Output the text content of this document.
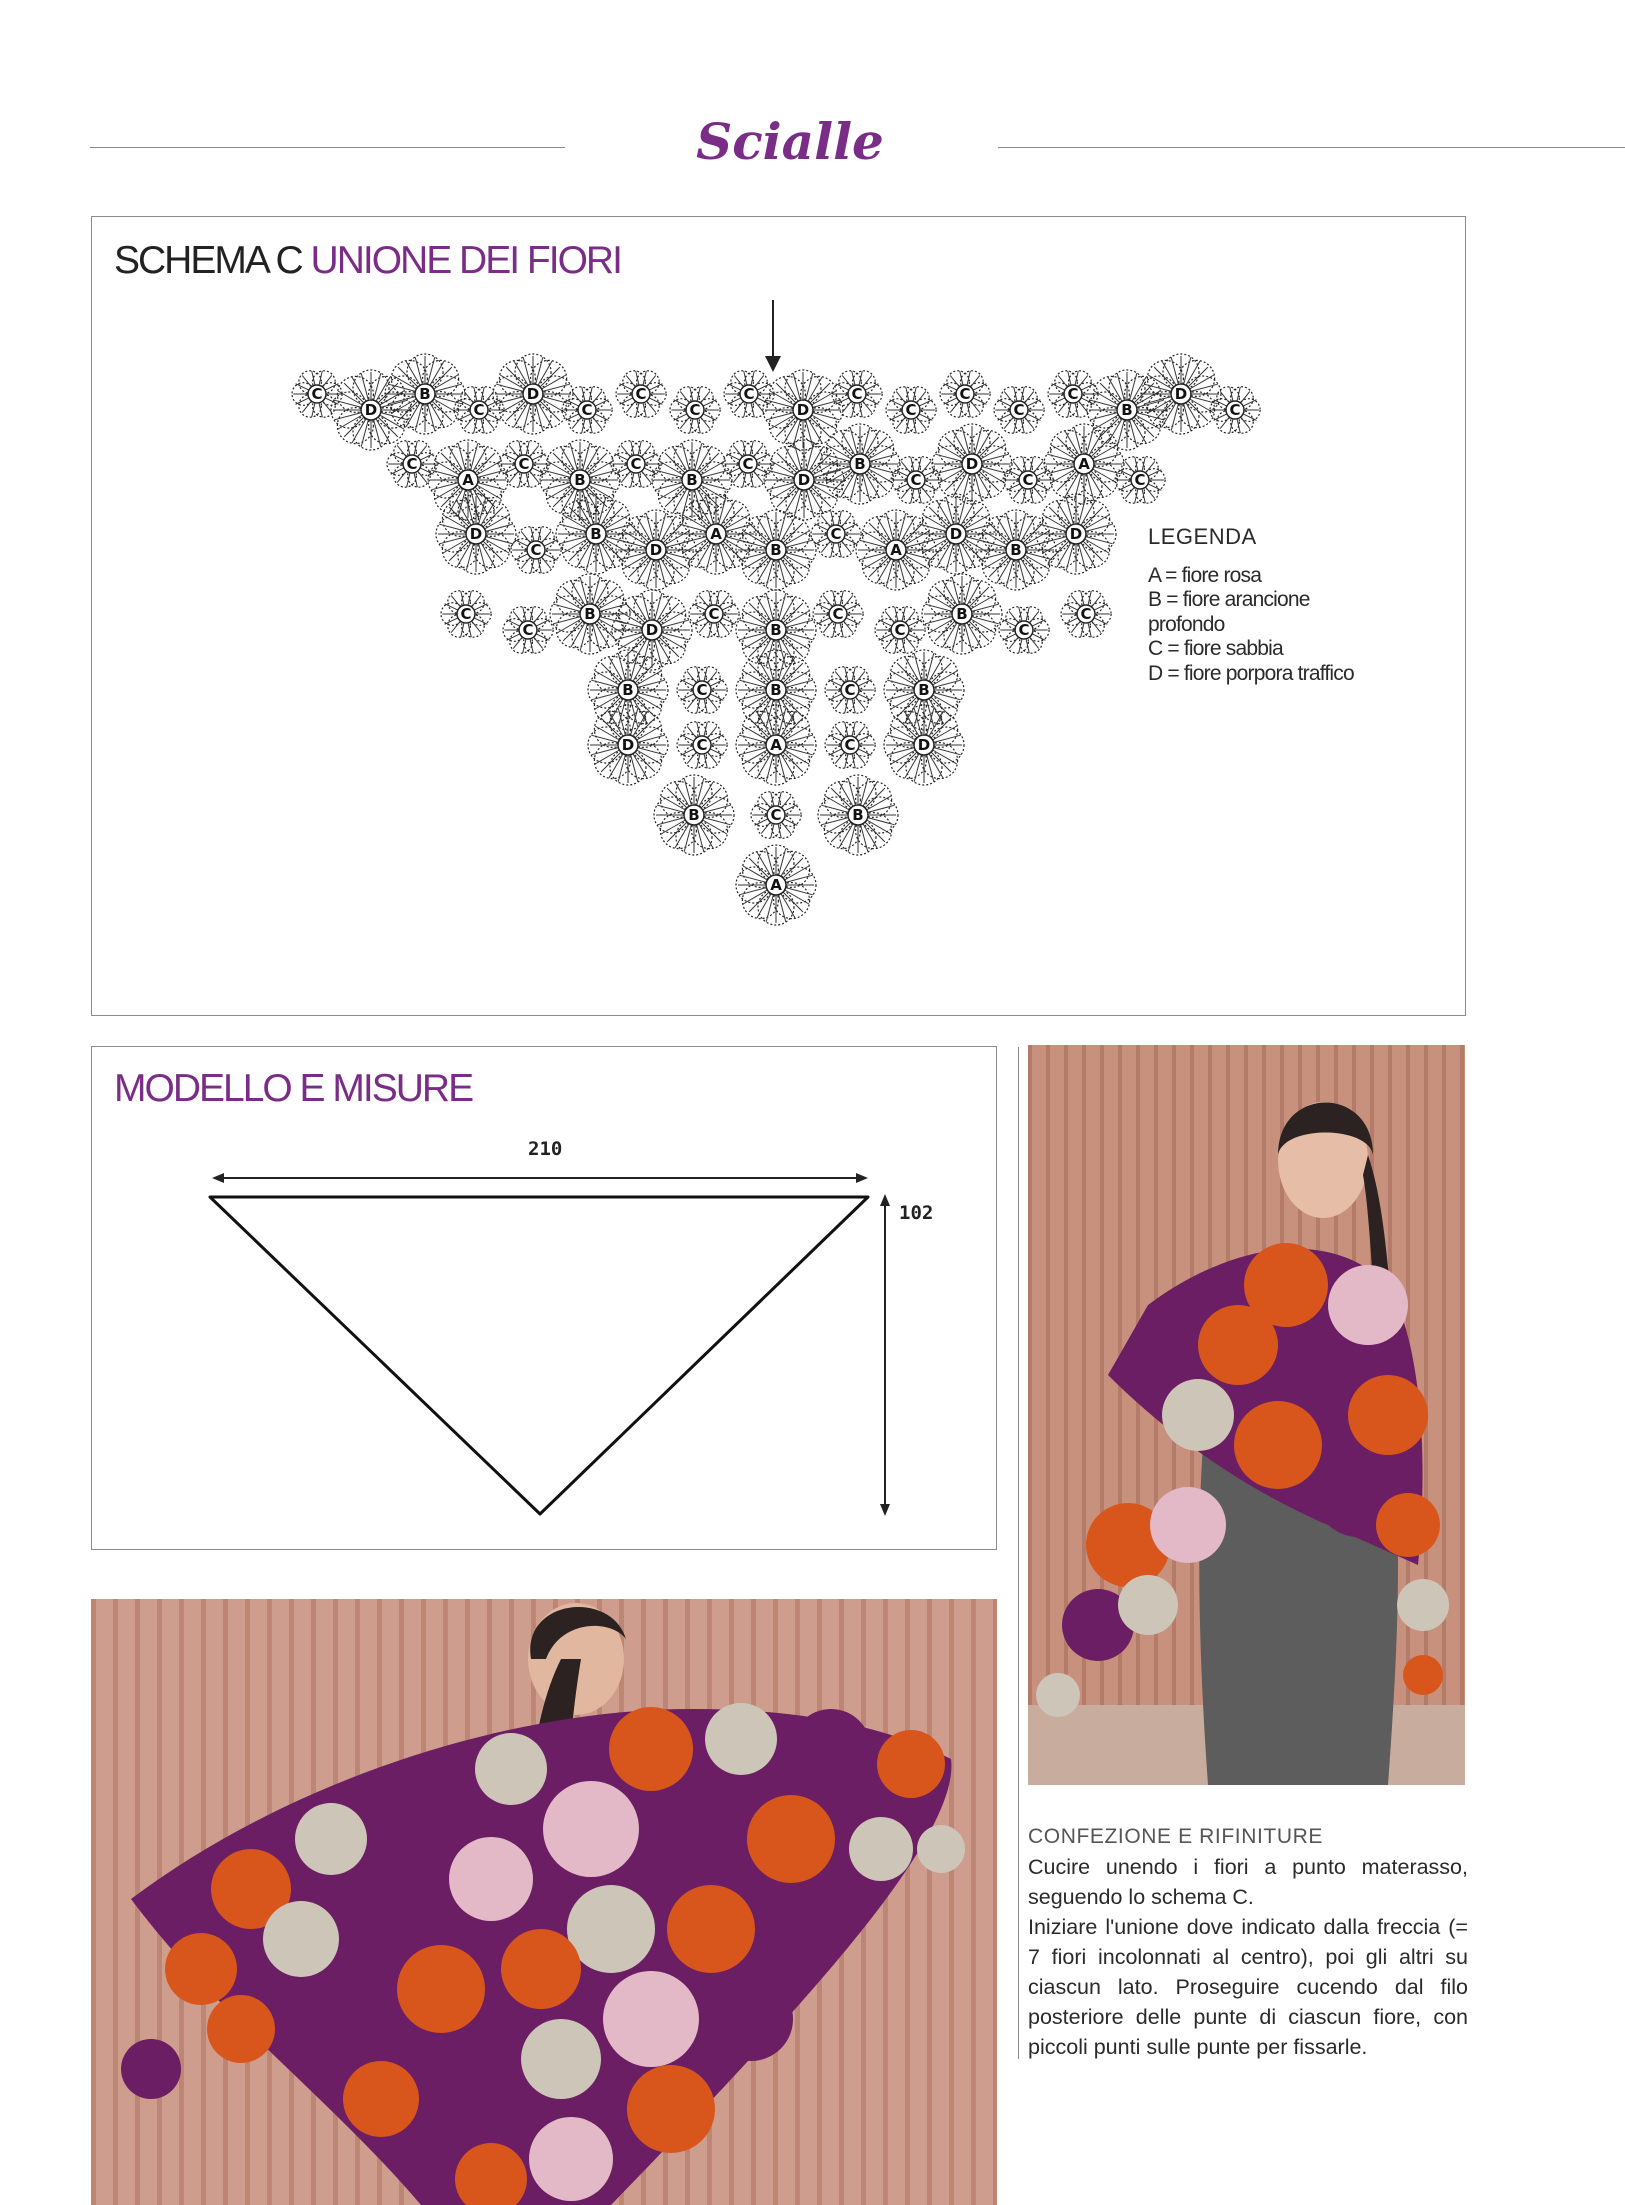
Scialle
SCHEMA C UNIONE DEI FIORI
C
D
B
C
D
C
C
C
C
D
C
C
C
C
C
B
D
C
C
A
C
B
C
B
C
D
B
C
D
C
A
C
D
C
B
D
A
B
C
A
D
B
D
C
C
B
D
C
B
C
C
B
C
C
B	C	B	C	B
D	C	A	C	D
B	C	B
A
LEGENDA

A = fiore rosa

B = fiore arancione profondo

C = fiore sabbia

D = fiore porpora traffico

MODELLO E MISURE
210
102
CONFEZIONE E RIFINITURE

Cucire unendo i fiori a punto materasso, seguendo lo schema C.

Iniziare l'unione dove indicato dalla freccia (= 7 fiori incolonnati al centro), poi gli altri su ciascun lato. Proseguire cucendo dal filo posteriore delle punte di ciascun fiore, con piccoli punti sulle punte per fissarle.
